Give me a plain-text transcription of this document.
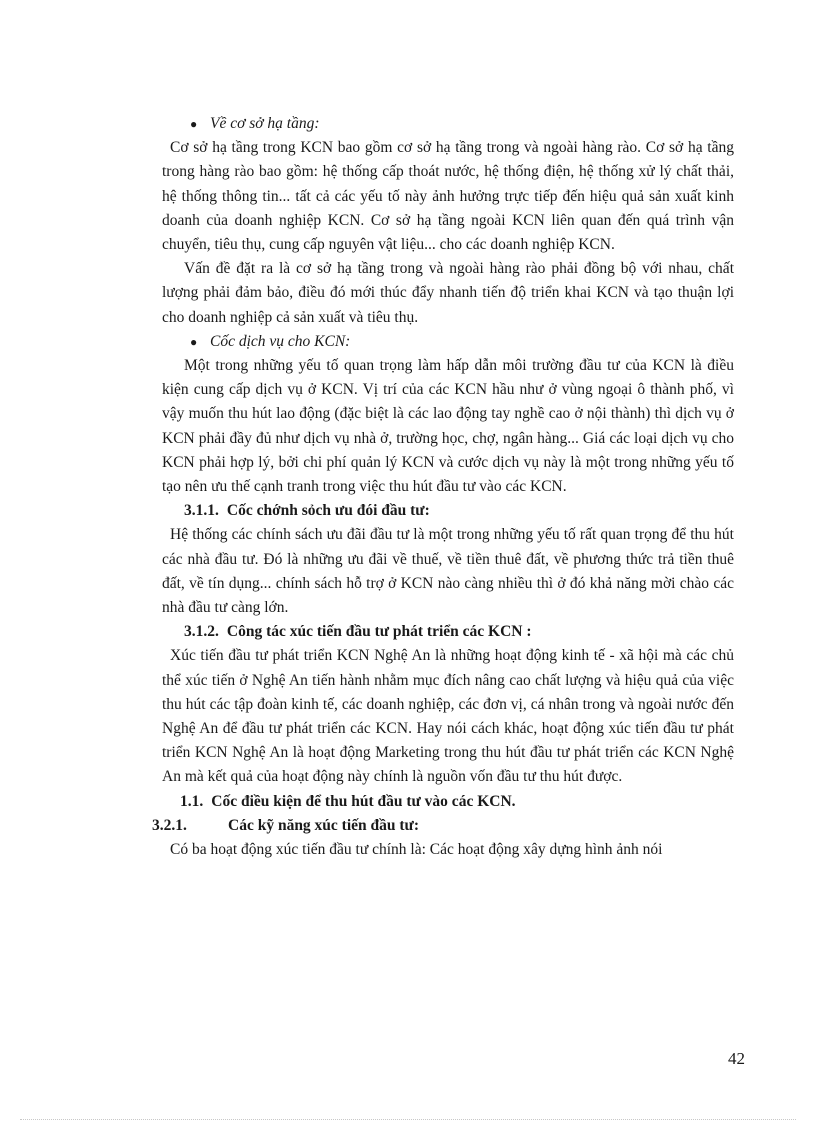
● Về cơ sở hạ tầng:

Cơ sở hạ tầng trong KCN bao gồm cơ sở hạ tầng trong và ngoài hàng rào. Cơ sở hạ tầng trong hàng rào bao gồm: hệ thống cấp thoát nước, hệ thống điện, hệ thống xử lý chất thải, hệ thống thông tin... tất cả các yếu tố này ảnh hưởng trực tiếp đến hiệu quả sản xuất kinh doanh của doanh nghiệp KCN. Cơ sở hạ tầng ngoài KCN liên quan đến quá trình vận chuyển, tiêu thụ, cung cấp nguyên vật liệu... cho các doanh nghiệp KCN.

Vấn đề đặt ra là cơ sở hạ tầng trong và ngoài hàng rào phải đồng bộ với nhau, chất lượng phải đảm bảo, điều đó mới thúc đẩy nhanh tiến độ triển khai KCN và tạo thuận lợi cho doanh nghiệp cả sản xuất và tiêu thụ.

● Cốc dịch vụ cho KCN:

Một trong những yếu tố quan trọng làm hấp dẫn môi trường đầu tư của KCN là điều kiện cung cấp dịch vụ ở KCN. Vị trí của các KCN hầu như ở vùng ngoại ô thành phố, vì vậy muốn thu hút lao động (đặc biệt là các lao động tay nghề cao ở nội thành) thì dịch vụ ở KCN phải đầy đủ như dịch vụ nhà ở, trường học, chợ, ngân hàng... Giá các loại dịch vụ cho KCN phải hợp lý, bởi chi phí quản lý KCN và cước dịch vụ này là một trong những yếu tố tạo nên ưu thế cạnh tranh trong việc thu hút đầu tư vào các KCN.

3.1.1. Cốc chớnh sỏch ưu đói đầu tư:

Hệ thống các chính sách ưu đãi đầu tư là một trong những yếu tố rất quan trọng để thu hút các nhà đầu tư. Đó là những ưu đãi về thuế, về tiền thuê đất, về phương thức trả tiền thuê đất, về tín dụng... chính sách hỗ trợ ở KCN nào càng nhiều thì ở đó khả năng mời chào các nhà đầu tư càng lớn.

3.1.2. Công tác xúc tiến đầu tư phát triển các KCN :

Xúc tiến đầu tư phát triển KCN Nghệ An là những hoạt động kinh tế - xã hội mà các chủ thể xúc tiến ở Nghệ An tiến hành nhằm mục đích nâng cao chất lượng và hiệu quả của việc thu hút các tập đoàn kinh tế, các doanh nghiệp, các đơn vị, cá nhân trong và ngoài nước đến Nghệ An để đầu tư phát triển các KCN. Hay nói cách khác, hoạt động xúc tiến đầu tư phát triển KCN Nghệ An là hoạt động Marketing trong thu hút đầu tư phát triển các KCN Nghệ An mà kết quả của hoạt động này chính là nguồn vốn đầu tư thu hút được.

1.1. Cốc điều kiện để thu hút đầu tư vào các KCN.
3.2.1.	Các kỹ năng xúc tiến đầu tư:

Có ba hoạt động xúc tiến đầu tư chính là: Các hoạt động xây dựng hình ảnh nói

42
